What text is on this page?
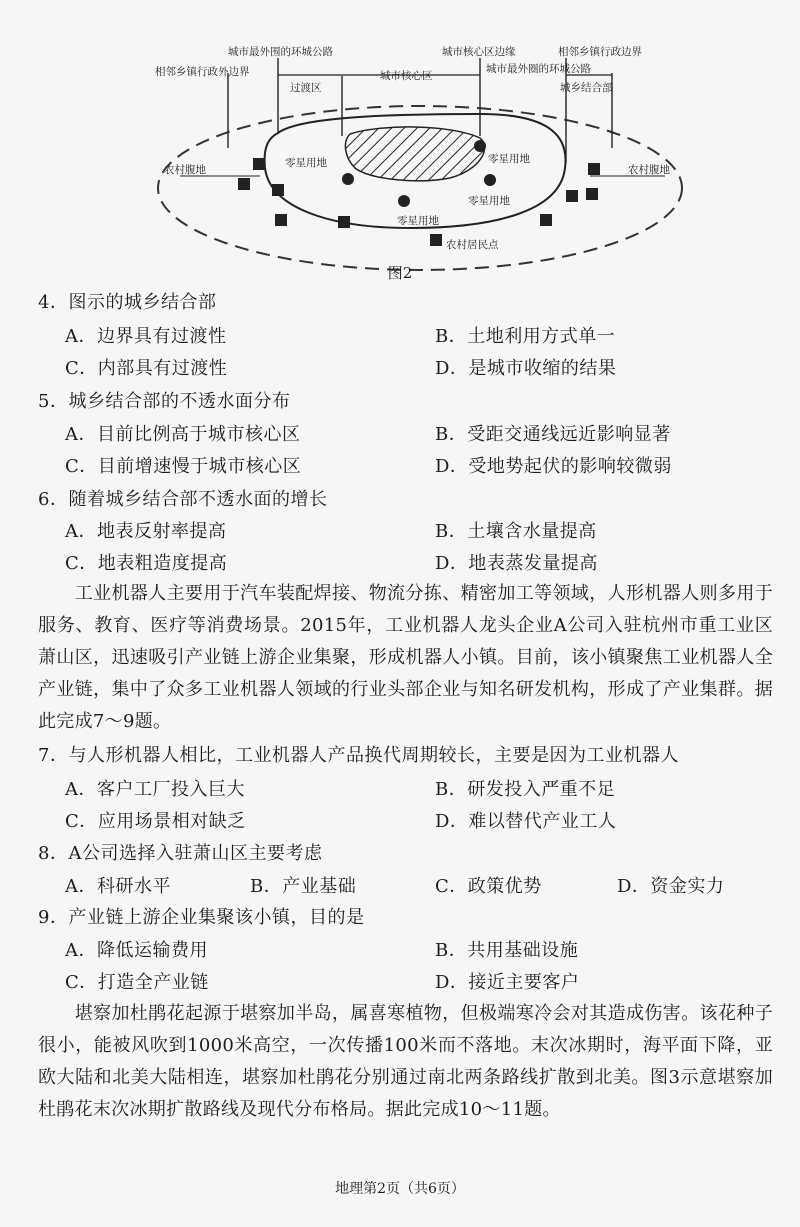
城市最外围的环城公路	城市核心区边缘	相邻乡镇行政边界
相邻乡镇行政外边界
过渡区
城市核心区
城市最外圈的环城公路
城乡结合部
农村腹地	农村腹地
零星用地	零星用地
零星用地
零星用地
农村居民点
图2
4．图示的城乡结合部
A．边界具有过渡性	B．土地利用方式单一
C．内部具有过渡性	D．是城市收缩的结果
5．城乡结合部的不透水面分布
A．目前比例高于城市核心区	B．受距交通线远近影响显著
C．目前增速慢于城市核心区	D．受地势起伏的影响较微弱
6．随着城乡结合部不透水面的增长
A．地表反射率提高	B．土壤含水量提高
C．地表粗造度提高	D．地表蒸发量提高
　　工业机器人主要用于汽车装配焊接、物流分拣、精密加工等领域，人形机器人则多用于服务、教育、医疗等消费场景。2015年，工业机器人龙头企业A公司入驻杭州市重工业区萧山区，迅速吸引产业链上游企业集聚，形成机器人小镇。目前，该小镇聚焦工业机器人全产业链，集中了众多工业机器人领域的行业头部企业与知名研发机构，形成了产业集群。据此完成7～9题。
7．与人形机器人相比，工业机器人产品换代周期较长，主要是因为工业机器人
A．客户工厂投入巨大	B．研发投入严重不足
C．应用场景相对缺乏	D．难以替代产业工人
8．A公司选择入驻萧山区主要考虑
A．科研水平	B．产业基础	C．政策优势	D．资金实力
9．产业链上游企业集聚该小镇，目的是
A．降低运输费用	B．共用基础设施
C．打造全产业链	D．接近主要客户
　　堪察加杜鹃花起源于堪察加半岛，属喜寒植物，但极端寒冷会对其造成伤害。该花种子很小，能被风吹到1000米高空，一次传播100米而不落地。末次冰期时，海平面下降，亚欧大陆和北美大陆相连，堪察加杜鹃花分别通过南北两条路线扩散到北美。图3示意堪察加杜鹃花末次冰期扩散路线及现代分布格局。据此完成10～11题。
地理第2页（共6页）
